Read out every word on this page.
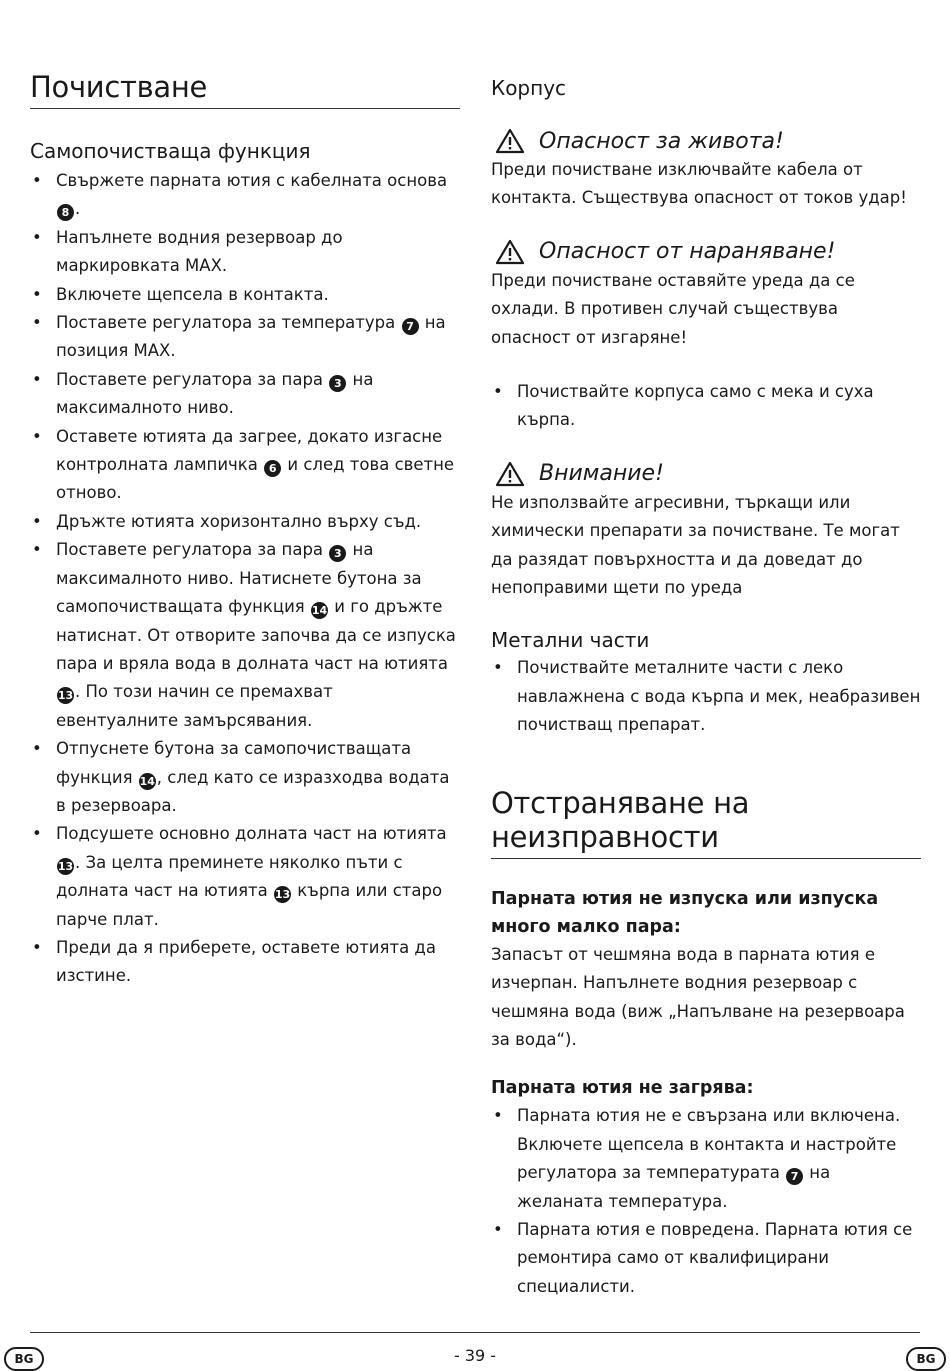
Почистване
Самопочистваща функция
• Свържете парната ютия с кабелната основа 8 .
• Напълнете водния резервоар до маркировката MAX.
• Включете щепсела в контакта.
• Поставете регулатора за температура 7 на позиция MAX.
• Поставете регулатора за пара 3 на максималното ниво.
• Оставете ютията да загрее, докато изгасне контролната лампичка 6 и след това светне отново.
• Дръжте ютията хоризонтално върху съд.
• Поставете регулатора за пара 3 на максималното ниво. Натиснете бутона за самопочистващата функция 14 и го дръжте натиснат. От отворите започва да се изпуска пара и вряла вода в долната част на ютията 13 . По този начин се премахват евентуалните замърсявания.
• Отпуснете бутона за самопочистващата функция 14 , след като се изразходва водата в резервоара.
• Подсушете основно долната част на ютията 13 . За целта преминете няколко пъти с долната част на ютията 13 кърпа или старо парче плат.
• Преди да я приберете, оставете ютията да изстине.
Корпус
Опасност за живота!

Преди почистване изключвайте кабела от контакта. Съществува опасност от токов удар!

Опасност от нараняване!

Преди почистване оставяйте уреда да се охлади. В противен случай съществува опасност от изгаряне!

• Почиствайте корпуса само с мека и суха кърпа.
Внимание!

Не използвайте агресивни, търкащи или химически препарати за почистване. Те могат да разядат повърхността и да доведат до непоправими щети по уреда

Метални части
• Почиствайте металните части с леко навлажнена с вода кърпа и мек, неабразивен почистващ препарат.
Отстраняване на неизправности
Парната ютия не изпуска или изпуска много малко пара:

Запасът от чешмяна вода в парната ютия е изчерпан. Напълнете водния резервоар с чешмяна вода (виж „Напълване на резервоара за вода“).

Парната ютия не загрява:
• Парната ютия не е свързана или включена. Включете щепсела в контакта и настройте регулатора за температурата 7 на желаната температура.
• Парната ютия е повредена. Парната ютия се ремонтира само от квалифицирани специалисти.
BG	- 39 -	BG
